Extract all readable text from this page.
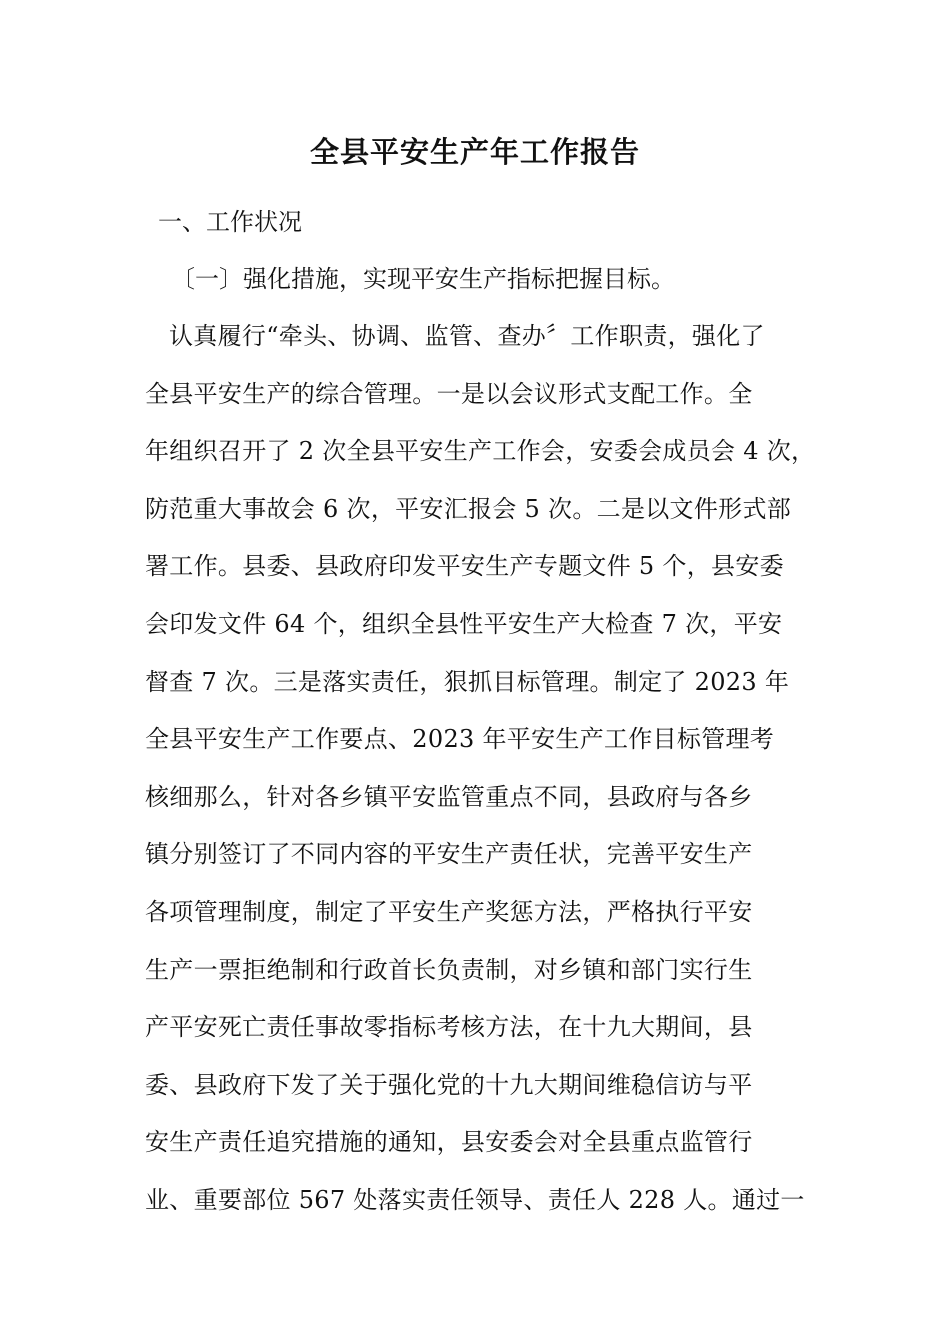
全县平安生产年工作报告

一、工作状况

〔一〕强化措施，实现平安生产指标把握目标。

认真履行“牵头、协调、监管、查办〞工作职责，强化了
全县平安生产的综合管理。一是以会议形式支配工作。全
年组织召开了 2 次全县平安生产工作会，安委会成员会 4 次，
防范重大事故会 6 次，平安汇报会 5 次。二是以文件形式部
署工作。县委、县政府印发平安生产专题文件 5 个，县安委
会印发文件 64 个，组织全县性平安生产大检查 7 次，平安
督查 7 次。三是落实责任，狠抓目标管理。制定了 2023 年
全县平安生产工作要点、2023 年平安生产工作目标管理考
核细那么，针对各乡镇平安监管重点不同，县政府与各乡
镇分别签订了不同内容的平安生产责任状，完善平安生产
各项管理制度，制定了平安生产奖惩方法，严格执行平安
生产一票拒绝制和行政首长负责制，对乡镇和部门实行生
产平安死亡责任事故零指标考核方法，在十九大期间，县
委、县政府下发了关于强化党的十九大期间维稳信访与平
安生产责任追究措施的通知，县安委会对全县重点监管行
业、重要部位 567 处落实责任领导、责任人 228 人。通过一
